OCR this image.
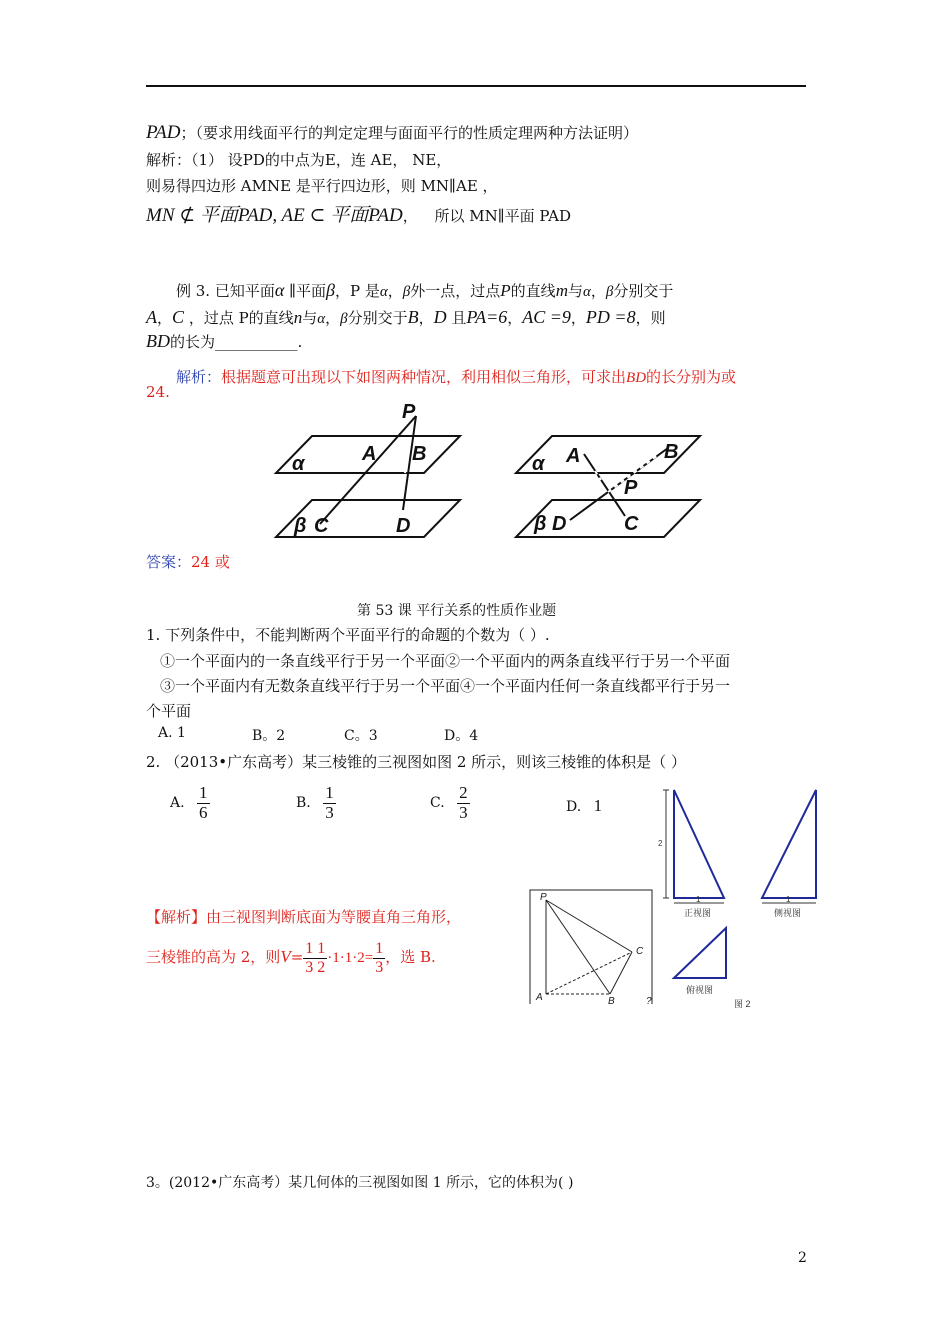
PAD；（要求用线面平行的判定定理与面面平行的性质定理两种方法证明）
解析：（1） 设PD的中点为E，连 AE， NE，
则易得四边形 AMNE 是平行四边形，则 MN∥AE ，
MN ⊄ 平面PAD, AE ⊂ 平面PAD， 所以 MN∥平面 PAD
例 3. 已知平面α ∥平面β，P 是α，β外一点，过点P的直线m与α，β分别交于
A，C ，过点 P的直线n与α，β分别交于B，D 且PA=6，AC =9，PD =8，则
BD的长为___________.
解析：根据题意可出现以下如图两种情况，利用相似三角形，可求出BD的长分别为或
24.
P
A B
α
β C	D
A	B
α
P
β D	C
答案：24 或
第 53 课 平行关系的性质作业题
1. 下列条件中，不能判断两个平面平行的命题的个数为（ ）.
①一个平面内的一条直线平行于另一个平面②一个平面内的两条直线平行于另一个平面
③一个平面内有无数条直线平行于另一个平面④一个平面内任何一条直线都平行于另一
个平面
A. 1	B。2	C。3	D。4
2. （2013•广东高考）某三棱锥的三视图如图 2 所示，则该三棱锥的体积是（ ）
A. $\frac{1}{6}$	B. $\frac{1}{3}$	C. $\frac{2}{3}$	D. 1
【解析】由三视图判断底面为等腰直角三角形，
三棱锥的高为 2，则$V= \frac{1}{3} \frac{1}{2} \cdot 1\cdot 1\cdot 2= \frac{1}{3}$ ，选 B.
P
A	B
C
?
2
1	1
正视图	侧视图
俯视图
图 2
3。(2012•广东高考）某几何体的三视图如图 1 所示，它的体积为( )
2
